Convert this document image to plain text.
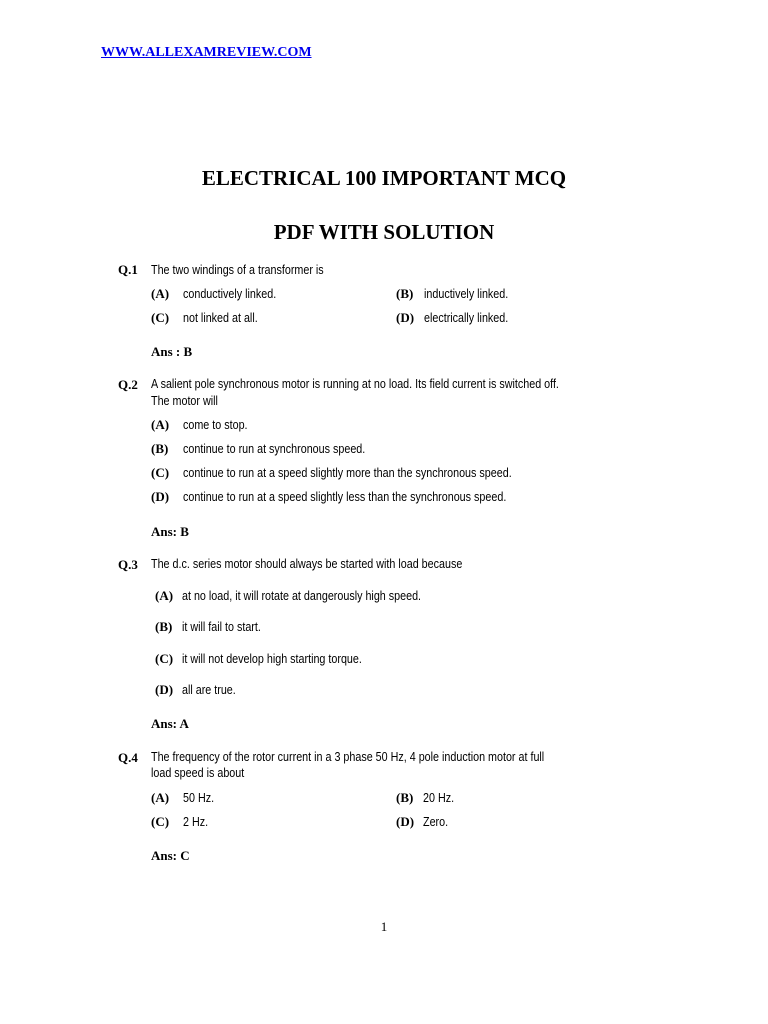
WWW.ALLEXAMREVIEW.COM
ELECTRICAL 100 IMPORTANT MCQ
PDF WITH SOLUTION
Q.1 The two windings of a transformer is
(A) conductively linked.	(B) inductively linked.
(C) not linked at all.	(D) electrically linked.
Ans : B
Q.2 A salient pole synchronous motor is running at no load. Its field current is switched off.
The motor will
(A) come to stop.
(B) continue to run at synchronous speed.
(C) continue to run at a speed slightly more than the synchronous speed.
(D) continue to run at a speed slightly less than the synchronous speed.
Ans: B
Q.3 The d.c. series motor should always be started with load because
(A) at no load, it will rotate at dangerously high speed.
(B) it will fail to start.
(C) it will not develop high starting torque.
(D) all are true.
Ans: A
Q.4 The frequency of the rotor current in a 3 phase 50 Hz, 4 pole induction motor at full
load speed is about
(A) 50 Hz.	(B) 20 Hz.
(C) 2 Hz.	(D) Zero.
Ans: C
1
